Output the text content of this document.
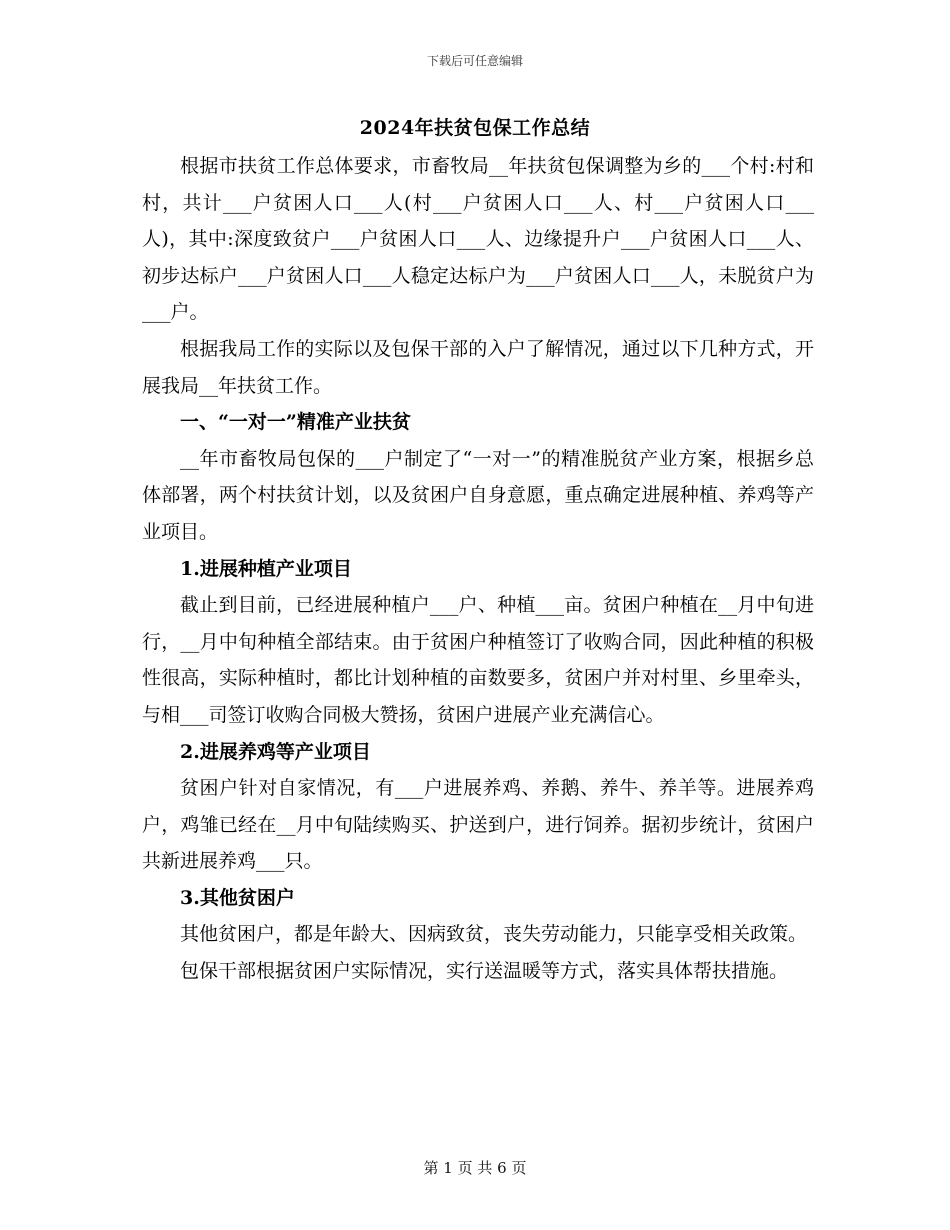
下载后可任意编辑
2024年扶贫包保工作总结

根据市扶贫工作总体要求，市畜牧局__年扶贫包保调整为乡的___个村:村和村，共计___户贫困人口___人(村___户贫困人口___人、村___户贫困人口___人)，其中:深度致贫户___户贫困人口___人、边缘提升户___户贫困人口___人、初步达标户___户贫困人口___人稳定达标户为___户贫困人口___人，未脱贫户为___户。

根据我局工作的实际以及包保干部的入户了解情况，通过以下几种方式，开展我局__年扶贫工作。

一、“一对一”精准产业扶贫

__年市畜牧局包保的___户制定了“一对一”的精准脱贫产业方案，根据乡总体部署，两个村扶贫计划，以及贫困户自身意愿，重点确定进展种植、养鸡等产业项目。

1.进展种植产业项目

截止到目前，已经进展种植户___户、种植___亩。贫困户种植在__月中旬进行，__月中旬种植全部结束。由于贫困户种植签订了收购合同，因此种植的积极性很高，实际种植时，都比计划种植的亩数要多，贫困户并对村里、乡里牵头，与相___司签订收购合同极大赞扬，贫困户进展产业充满信心。

2.进展养鸡等产业项目

贫困户针对自家情况，有___户进展养鸡、养鹅、养牛、养羊等。进展养鸡户，鸡雏已经在__月中旬陆续购买、护送到户，进行饲养。据初步统计，贫困户共新进展养鸡___只。

3.其他贫困户

其他贫困户，都是年龄大、因病致贫，丧失劳动能力，只能享受相关政策。

包保干部根据贫困户实际情况，实行送温暖等方式，落实具体帮扶措施。

第 1 页 共 6 页
